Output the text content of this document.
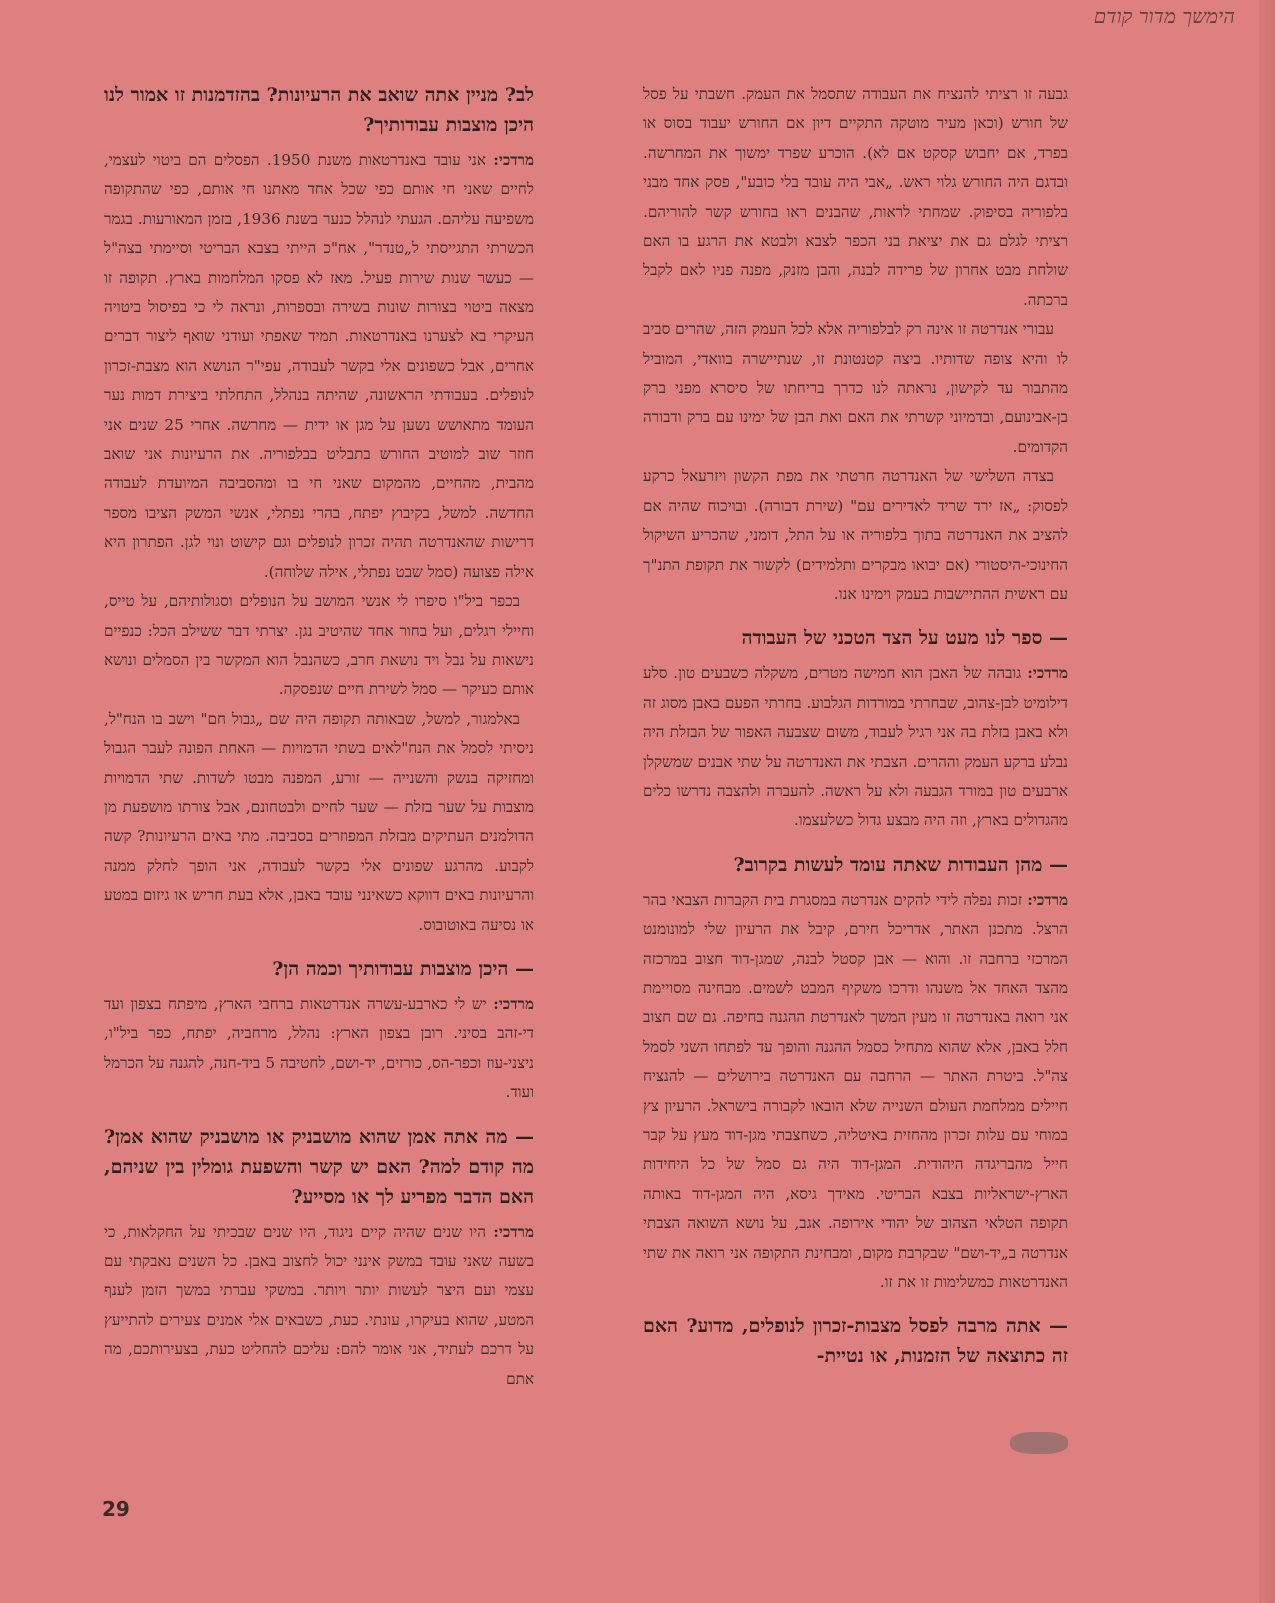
הימשך מדור קודם

גבעה זו רציתי להנציח את העבודה שתסמל את העמק. חשבתי על פסל של חורש (וכאן מעיר מוטקה התקיים דיון אם החורש יעבוד בסוס או בפרד, אם יחבוש קסקט אם לא). הוכרע שפרד ימשוך את המחרשה. ובדגם היה החורש גלוי ראש. „אבי היה עובד בלי כובע", פסק אחד מבני בלפוריה בסיפוק. שמחתי לראות, שהבנים ראו בחורש קשר להוריהם. רציתי לגלם גם את יציאת בני הכפר לצבא ולבטא את הרגע בו האם שולחת מבט אחרון של פרידה לבנה, והבן מזנק, מפנה פניו לאם לקבל ברכתה.

עבורי אנדרטה זו אינה רק לבלפוריה אלא לכל העמק הזה, שהרים סביב לו והיא צופה שדותיו. ביצה קטנטונת זו, שנתיישרה בוואדי, המוביל מהתבור עד לקישון, נראתה לנו כדרך בריחתו של סיסרא מפני ברק בן-אבינועם, ובדמיוני קשרתי את האם ואת הבן של ימינו עם ברק ודבורה הקדומים.

בצדה השלישי של האנדרטה חרטתי את מפת הקשון ויזרעאל כרקע לפסוק: „אז ירד שריד לאדירים עם" (שירת דבורה). ובויכוח שהיה אם להציב את האנדרטה בתוך בלפוריה או על התל, דומני, שהכריע השיקול החינוכי-היסטורי (אם יבואו מבקרים ותלמידים) לקשור את תקופת התנ"ך עם ראשית ההתיישבות בעמק וימינו אנו.

— ספר לנו מעט על הצד הטכני של העבודה

מרדכי: גובהה של האבן הוא חמישה מטרים, משקלה כשבעים טון. סלע דילומיט לבן-צהוב, שבחרתי במורדות הגלבוע. בחרתי הפעם באבן מסוג זה ולא באבן בזלת בה אני רגיל לעבוד, משום שצבעה האפור של הבזלת היה נבלע ברקע העמק וההרים. הצבתי את האנדרטה על שתי אבנים שמשקלן ארבעים טון במורד הגבעה ולא על ראשה. להעברה ולהצבה נדרשו כלים מהגדולים בארץ, וזה היה מבצע גדול כשלעצמו.

— מהן העבודות שאתה עומד לעשות בקרוב?

מרדכי: זכות נפלה לידי להקים אנדרטה במסגרת בית הקברות הצבאי בהר הרצל. מתכנן האתר, אדריכל חירם, קיבל את הרעיון שלי למונומנט המרכזי ברחבה זו. והוא — אבן קסטל לבנה, שמגן-דוד חצוב במרכזה מהצד האחד אל משנהו ודרכו משקיף המבט לשמים. מבחינה מסויימת אני רואה באנדרטה זו מעין המשך לאנדרטת ההגנה בחיפה. גם שם חצוב חלל באבן, אלא שהוא מתחיל כסמל ההגנה והופך עד לפתחו השני לסמל צה"ל. ביטרת האתר — הרחבה עם האנדרטה בירושלים — להנציח חיילים ממלחמת העולם השנייה שלא הובאו לקבורה בישראל. הרעיון צץ במוחי עם עלות זכרון מהחזית באיטליה, כשחצבתי מגן-דוד מעץ על קבר חייל מהבריגדה היהודית. המגן-דוד היה גם סמל של כל היחידות הארץ-ישראליות בצבא הבריטי. מאידך גיסא, היה המגן-דוד באותה תקופה הטלאי הצהוב של יהודי אירופה. אגב, על נושא השואה הצבתי אנדרטה ב„יד-ושם" שבקרבת מקום, ומבחינת התקופה אני רואה את שתי האנדרטאות כמשלימות זו את זו.

— אתה מרבה לפסל מצבות-זכרון לנופלים, מדוע? האם זה כתוצאה של הזמנות, או נטיית-
לב? מניין אתה שואב את הרעיונות? בהזדמנות זו אמור לנו היכן מוצבות עבודותיך?

מרדכי: אני עובד באנדרטאות משנת 1950. הפסלים הם ביטוי לעצמי, לחיים שאני חי אותם כפי שכל אחד מאתנו חי אותם, כפי שהתקופה משפיעה עליהם. הגעתי לנהלל כנער בשנת 1936, בזמן המאורעות. בגמר הכשרתי התגייסתי ל„טנדר", אח"כ הייתי בצבא הבריטי וסיימתי בצה"ל — כעשר שנות שירות פעיל. מאז לא פסקו המלחמות בארץ. תקופה זו מצאה ביטוי בצורות שונות בשירה ובספרות, ונראה לי כי בפיסול ביטויה העיקרי בא לצערנו באנדרטאות. תמיד שאפתי ועודני שואף ליצור דברים אחרים, אבל כשפונים אלי בקשר לעבודה, עפי"ר הנושא הוא מצבת-זכרון לנופלים. בעבודתי הראשונה, שהיתה בנהלל, התחלתי ביצירת דמות נער העומד מתאושש נשען על מגן או ידית — מחרשה. אחרי 25 שנים אני חוזר שוב למוטיב החורש בתבליט בבלפוריה. את הרעיונות אני שואב מהבית, מהחיים, מהמקום שאני חי בו ומהסביבה המיועדת לעבודה החדשה. למשל, בקיבוץ יפתח, בהרי נפתלי, אנשי המשק הציבו מספר דרישות שהאנדרטה תהיה זכרון לנופלים וגם קישוט ונוי לגן. הפתרון היא אילה פצועה (סמל שבט נפתלי, אילה שלוחה).

בכפר ביל"ו סיפרו לי אנשי המושב על הנופלים וסגולותיהם, על טייס, וחיילי רגלים, ועל בחור אחד שהיטיב נגן. יצרתי דבר ששילב הכל: כנפיים נישאות על נבל ויד נושאת חרב, כשהנבל הוא המקשר בין הסמלים ונושא אותם כעיקר — סמל לשירת חיים שנפסקה.

באלמגור, למשל, שבאותה תקופה היה שם „גבול חם" וישב בו הנח"ל, ניסיתי לסמל את הנח"לאים בשתי הדמויות — האחת הפונה לעבר הגבול ומחזיקה בנשק והשנייה — זורע, המפנה מבטו לשדות. שתי הדמויות מוצבות על שער בזלת — שער לחיים ולבטחונם, אבל צורתו מושפעת מן הדולמנים העתיקים מבזלת המפוזרים בסביבה. מתי באים הרעיונות? קשה לקבוע. מהרגע שפונים אלי בקשר לעבודה, אני הופך לחלק ממנה והרעיונות באים דווקא כשאינני עובד באבן, אלא בעת חריש או גיזום במטע או נסיעה באוטובוס.

— היכן מוצבות עבודותיך וכמה הן?

מרדכי: יש לי כארבע-עשרה אנדרטאות ברחבי הארץ, מיפתח בצפון ועד די-זהב בסיני. רובן בצפון הארץ: נהלל, מרחביה, יפתח, כפר ביל"ו, ניצני-עוז וכפר-הס, כורזים, יד-ושם, לחטיבה 5 ביד-חנה, להגנה על הכרמל ועוד.

— מה אתה אמן שהוא מושבניק או מושבניק שהוא אמן? מה קודם למה? האם יש קשר והשפעת גומלין בין שניהם, האם הדבר מפריע לך או מסייע?

מרדכי: היו שנים שהיה קיים ניגוד, היו שנים שבכיתי על החקלאות, כי בשעה שאני עובד במשק אינני יכול לחצוב באבן. כל השנים נאבקתי עם עצמי ועם היצר לעשות יותר ויותר. במשקי עברתי במשך הזמן לענף המטע, שהוא בעיקרו, עונתי. כעת, כשבאים אלי אמנים צעירים להתייעץ על דרכם לעתיד, אני אומר להם: עליכם להחליט כעת, בצעירותכם, מה אתם

29
